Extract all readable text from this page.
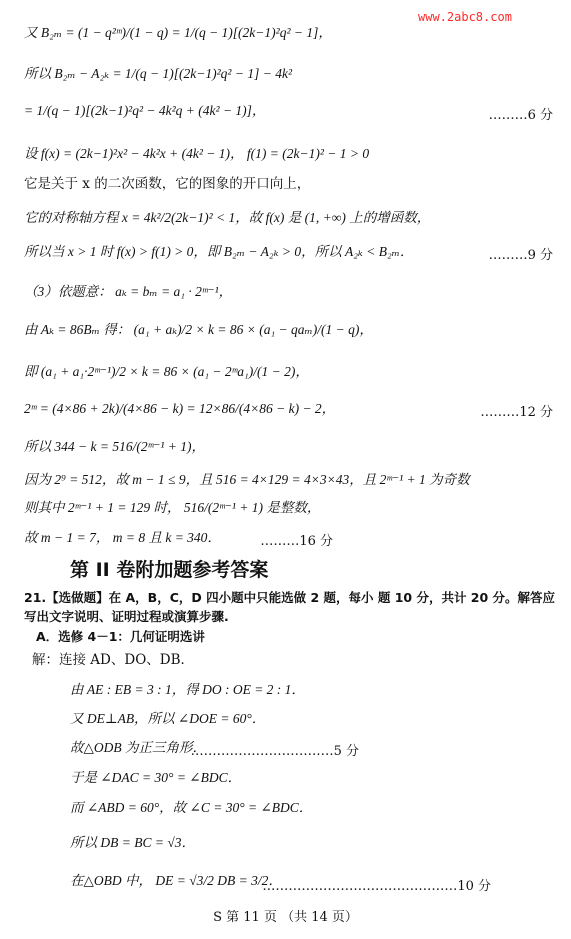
www.2abc8.com
又 B₂ₘ = (1 − q²ᵐ)/(1 − q) = 1/(q − 1)[(2k−1)²q² − 1]，
所以 B₂ₘ − A₂ₖ = 1/(q − 1)[(2k−1)²q² − 1] − 4k²
= 1/(q − 1)[(2k−1)²q² − 4k²q + (4k² − 1)]，	………6 分
设 f(x) = (2k−1)²x² − 4k²x + (4k² − 1)， f(1) = (2k−1)² − 1 > 0
它是关于 x 的二次函数，它的图象的开口向上，
它的对称轴方程 x = 4k²/2(2k−1)² < 1，故 f(x) 是 (1, +∞) 上的增函数，
所以当 x > 1 时 f(x) > f(1) > 0，即 B₂ₘ − A₂ₖ > 0，所以 A₂ₖ < B₂ₘ．	………9 分
（3）依题意： aₖ = bₘ = a₁ · 2ᵐ⁻¹，
由 Aₖ = 86Bₘ 得： (a₁ + aₖ)/2 × k = 86 × (a₁ − qaₘ)/(1 − q)，
即 (a₁ + a₁·2ᵐ⁻¹)/2 × k = 86 × (a₁ − 2ᵐa₁)/(1 − 2)，
2ᵐ = (4×86 + 2k)/(4×86 − k) = 12×86/(4×86 − k) − 2，	………12 分
所以 344 − k = 516/(2ᵐ⁻¹ + 1)，
因为 2⁹ = 512，故 m − 1 ≤ 9，且 516 = 4×129 = 4×3×43，且 2ᵐ⁻¹ + 1 为奇数
则其中 2ᵐ⁻¹ + 1 = 129 时， 516/(2ᵐ⁻¹ + 1) 是整数，
故 m − 1 = 7， m = 8 且 k = 340．	………16 分
第 II 卷附加题参考答案
21.【选做题】在 A，B，C，D 四小题中只能选做 2 题，每小 题 10 分，共计 20 分。解答应
写出文字说明、证明过程或演算步骤.
A．选修 4－1：几何证明选讲
解：连接 AD、DO、DB．
由 AE : EB = 3 : 1，得 DO : OE = 2 : 1．
又 DE⊥AB，所以 ∠DOE = 60°．
故△ODB 为正三角形．
……………………………5 分
于是 ∠DAC = 30° = ∠BDC．
而 ∠ABD = 60°，故 ∠C = 30° = ∠BDC．
所以 DB = BC = √3．
在△OBD 中， DE = √3/2 DB = 3/2．
………………………………………10 分
S 第 11 页 （共 14 页）
